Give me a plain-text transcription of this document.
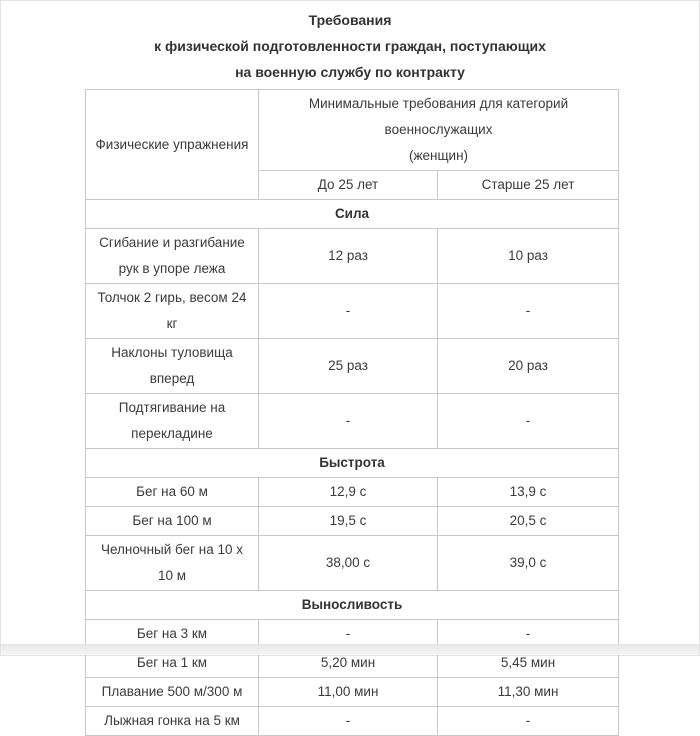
Требования
к физической подготовленности граждан, поступающих
на военную службу по контракту
Физические упражнения	Минимальные требования для категорий военнослужащих
(женщин)	

	До 25 лет	Старше 25 лет
Сила		
Сгибание и разгибание рук в упоре лежа	12 раз	10 раз
Толчок 2 гирь, весом 24 кг	-	-
Наклоны туловища вперед	25 раз	20 раз
Подтягивание на перекладине	-	-
Быстрота		
Бег на 60 м	12,9 с	13,9 с
Бег на 100 м	19,5 с	20,5 с
Челночный бег на 10 х 10 м	38,00 с	39,0 с
Выносливость		
Бег на 3 км	-	-
Бег на 1 км	5,20 мин	5,45 мин
Плавание 500 м/300 м	11,00 мин	11,30 мин
Лыжная гонка на 5 км	-	-
